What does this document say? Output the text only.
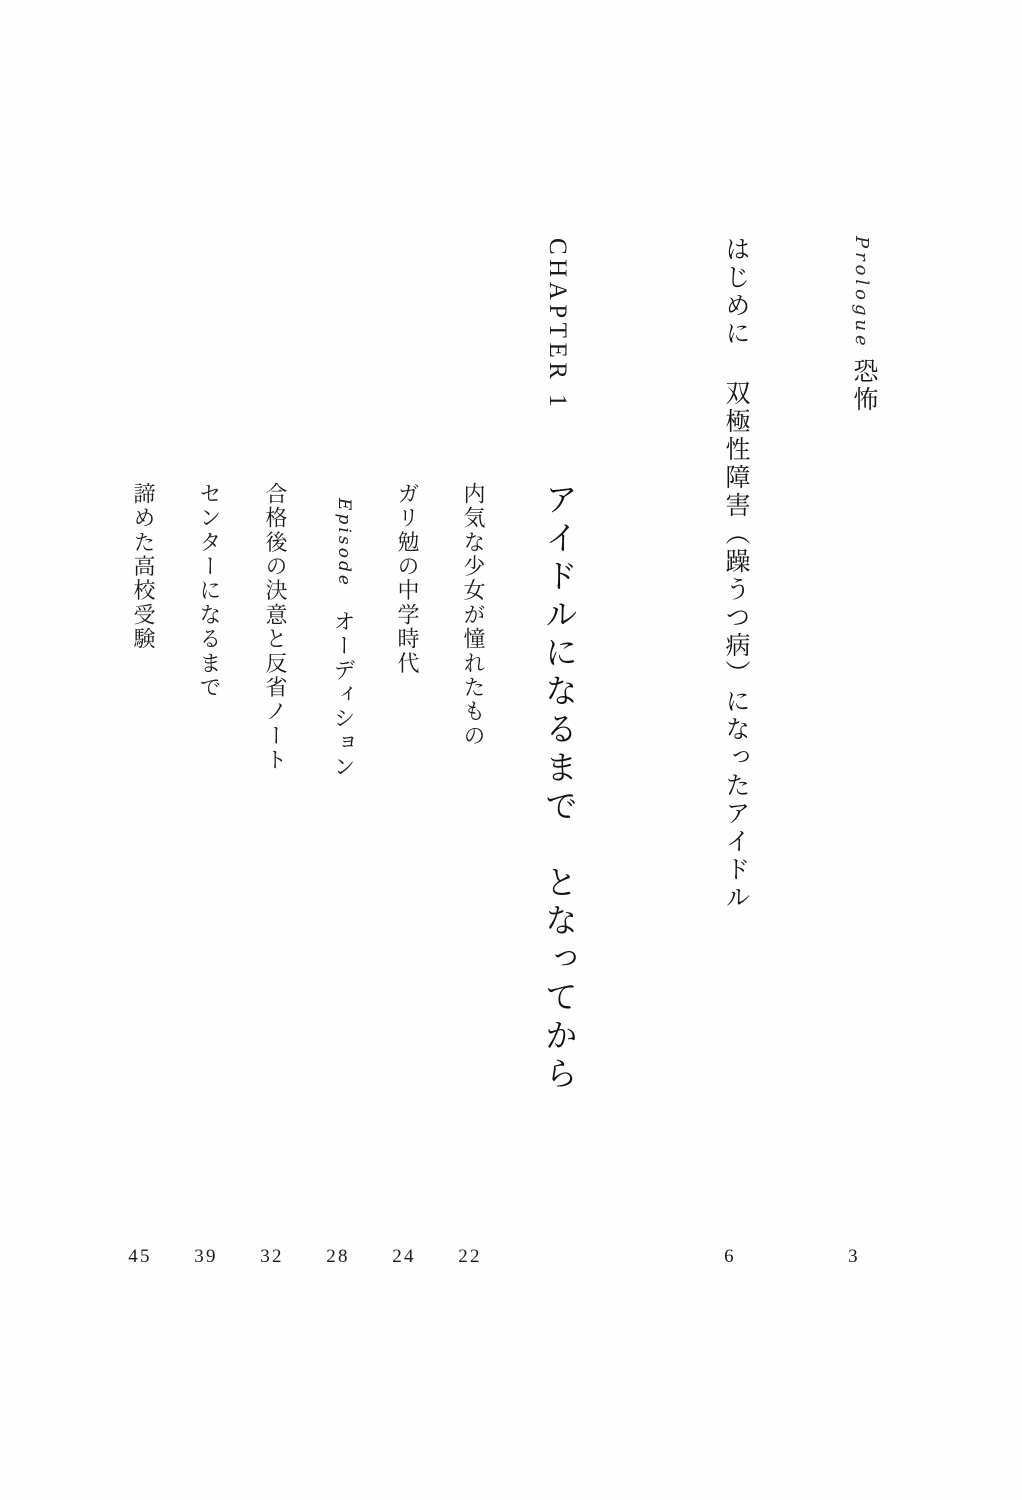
Prologue
恐怖
3
はじめに
双極性障害（躁うつ病）になったアイドル
6
CHAPTER 1
アイドルになるまで　となってから
内気な少女が憧れたもの
22
ガリ勉の中学時代
24
Episode
オーディション
28
合格後の決意と反省ノート
32
センターになるまで
39
諦めた高校受験
45
